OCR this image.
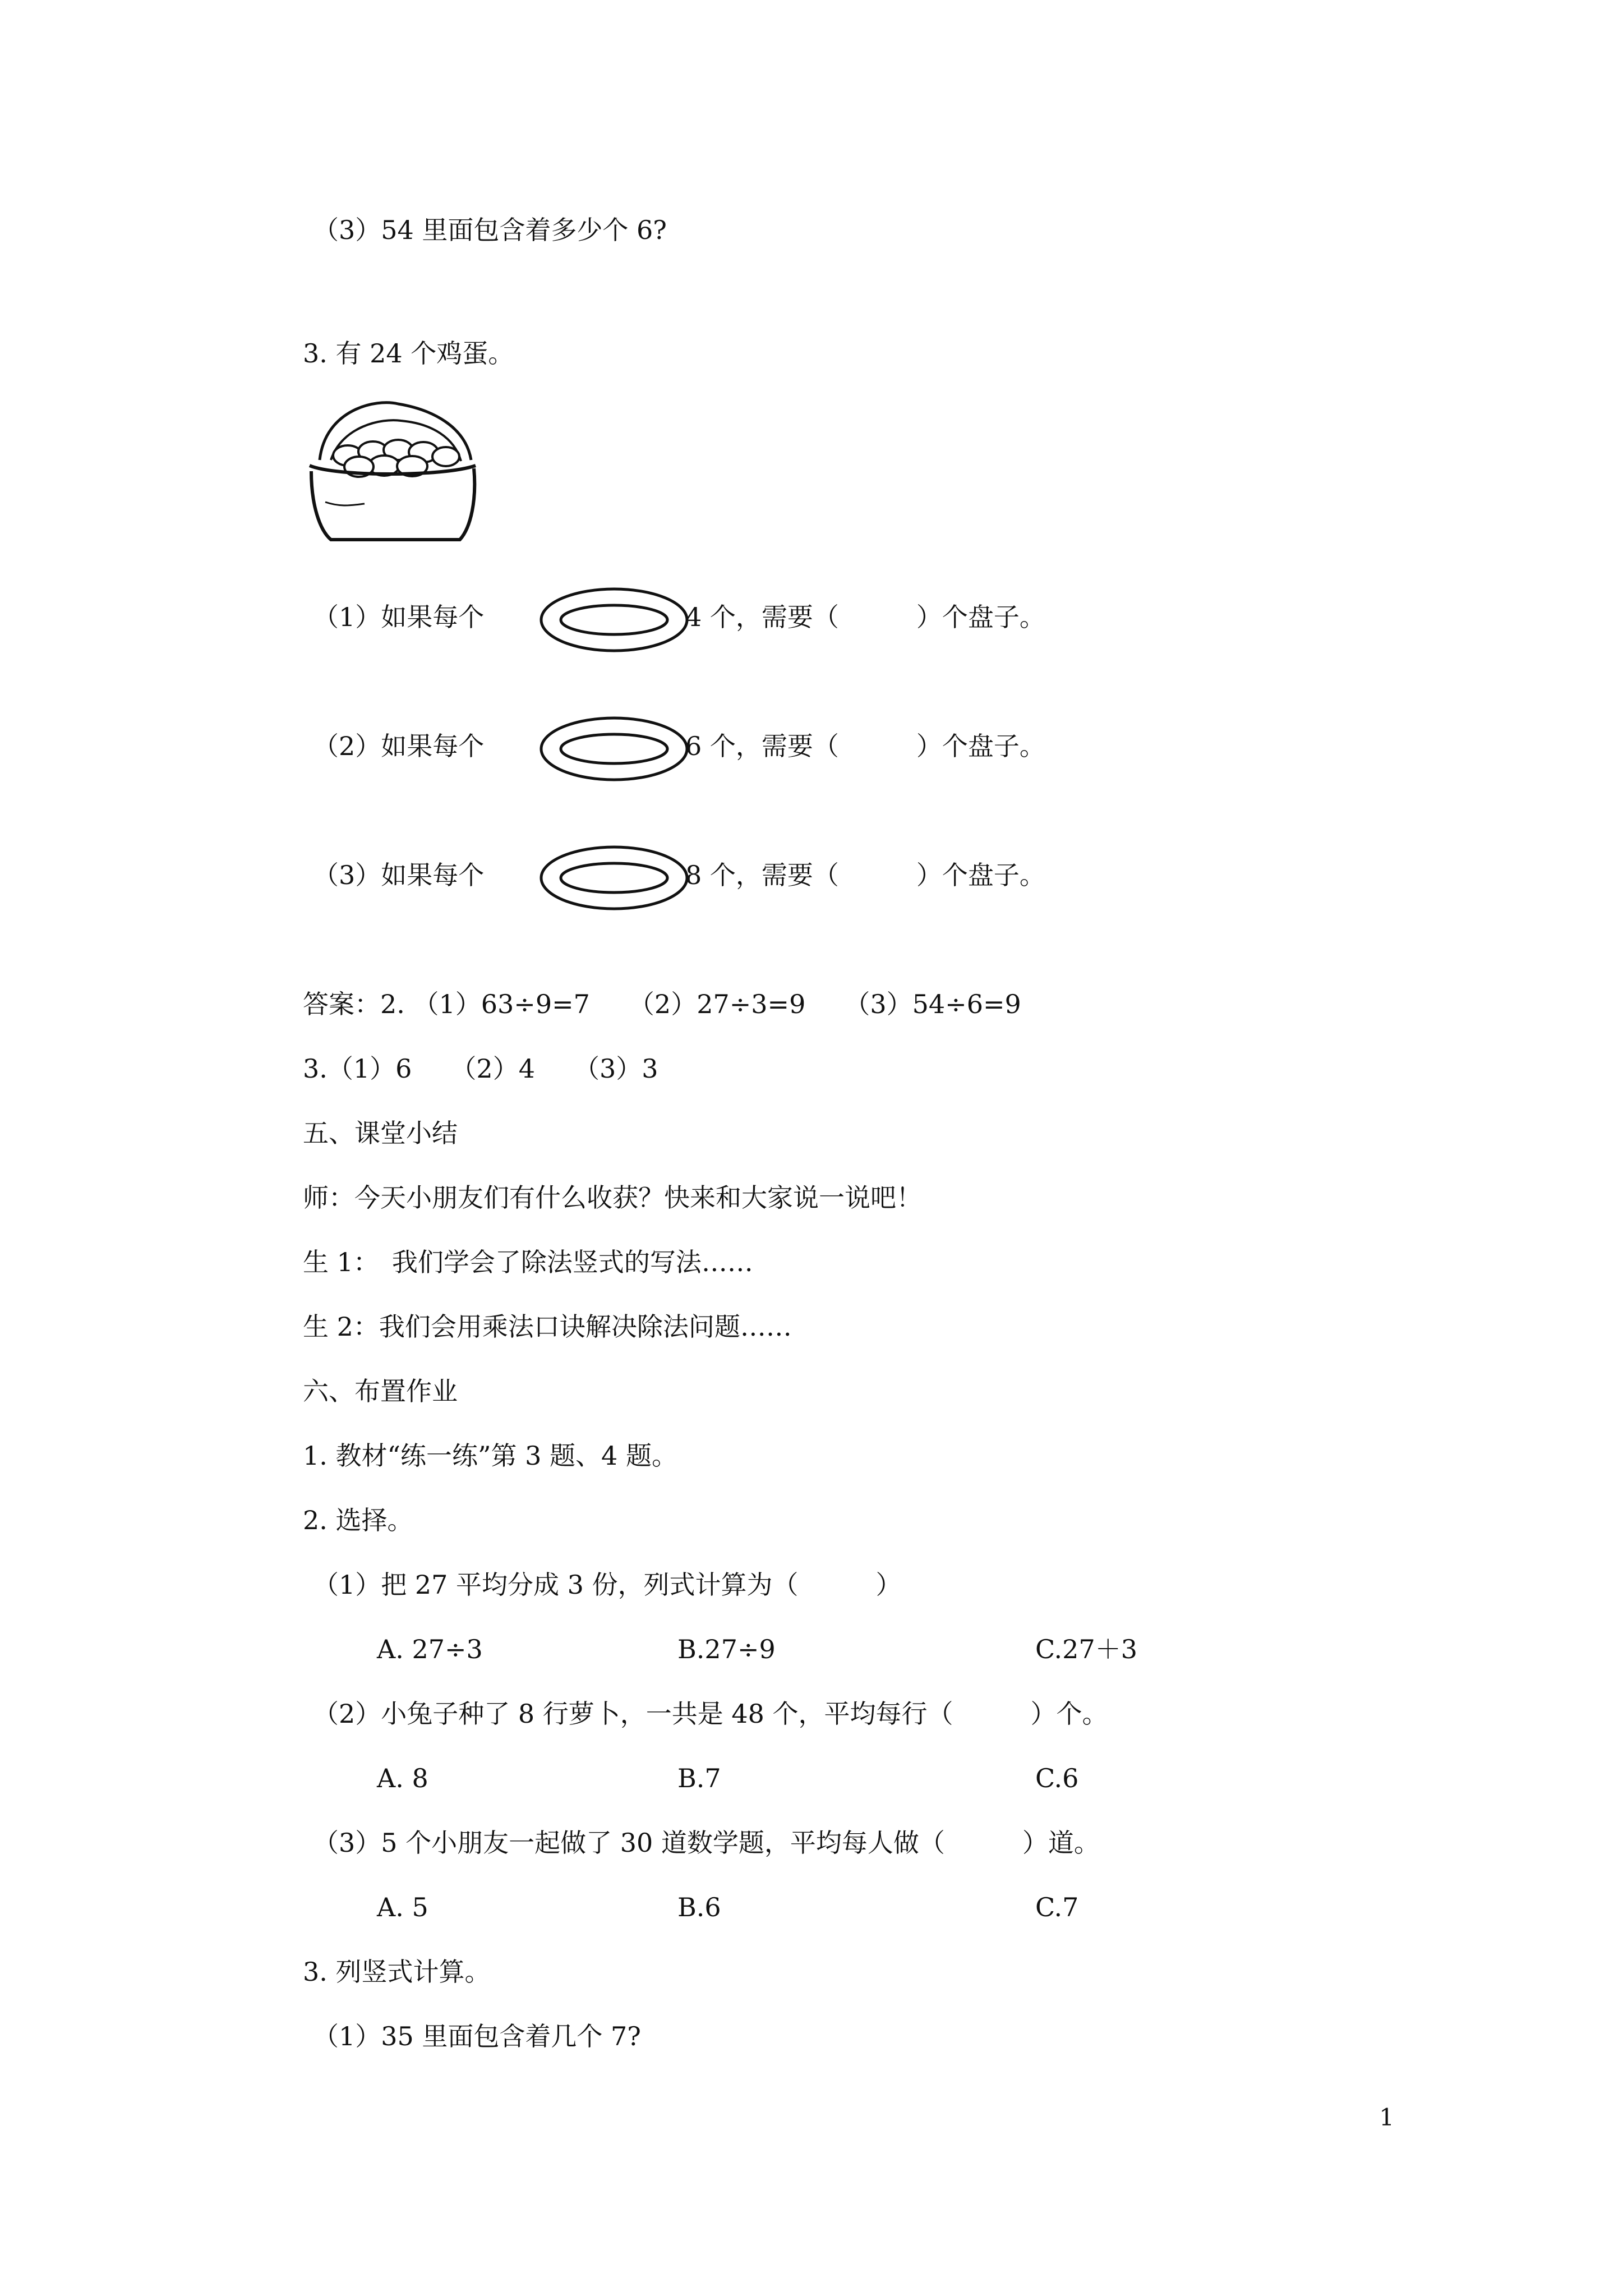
（3）54 里面包含着多少个 6?
3. 有 24 个鸡蛋。
（1）如果每个	4 个，需要（　　　）个盘子。
（2）如果每个	6 个，需要（　　　）个盘子。
（3）如果每个	8 个，需要（　　　）个盘子。
答案：2. （1）63÷9=7　　（2）27÷3=9　　（3）54÷6=9
3.（1）6　　（2）4　　（3）3
五、课堂小结
师：今天小朋友们有什么收获？快来和大家说一说吧！
生 1：　我们学会了除法竖式的写法……
生 2：我们会用乘法口诀解决除法问题……
六、布置作业
1. 教材“练一练”第 3 题、4 题。
2. 选择。
（1）把 27 平均分成 3 份，列式计算为（　　　）
A. 27÷3	B.27÷9	C.27＋3
（2）小兔子种了 8 行萝卜，一共是 48 个，平均每行（　　　）个。
A. 8	B.7	C.6
（3）5 个小朋友一起做了 30 道数学题，平均每人做（　　　）道。
A. 5	B.6	C.7
3. 列竖式计算。
（1）35 里面包含着几个 7?
1
